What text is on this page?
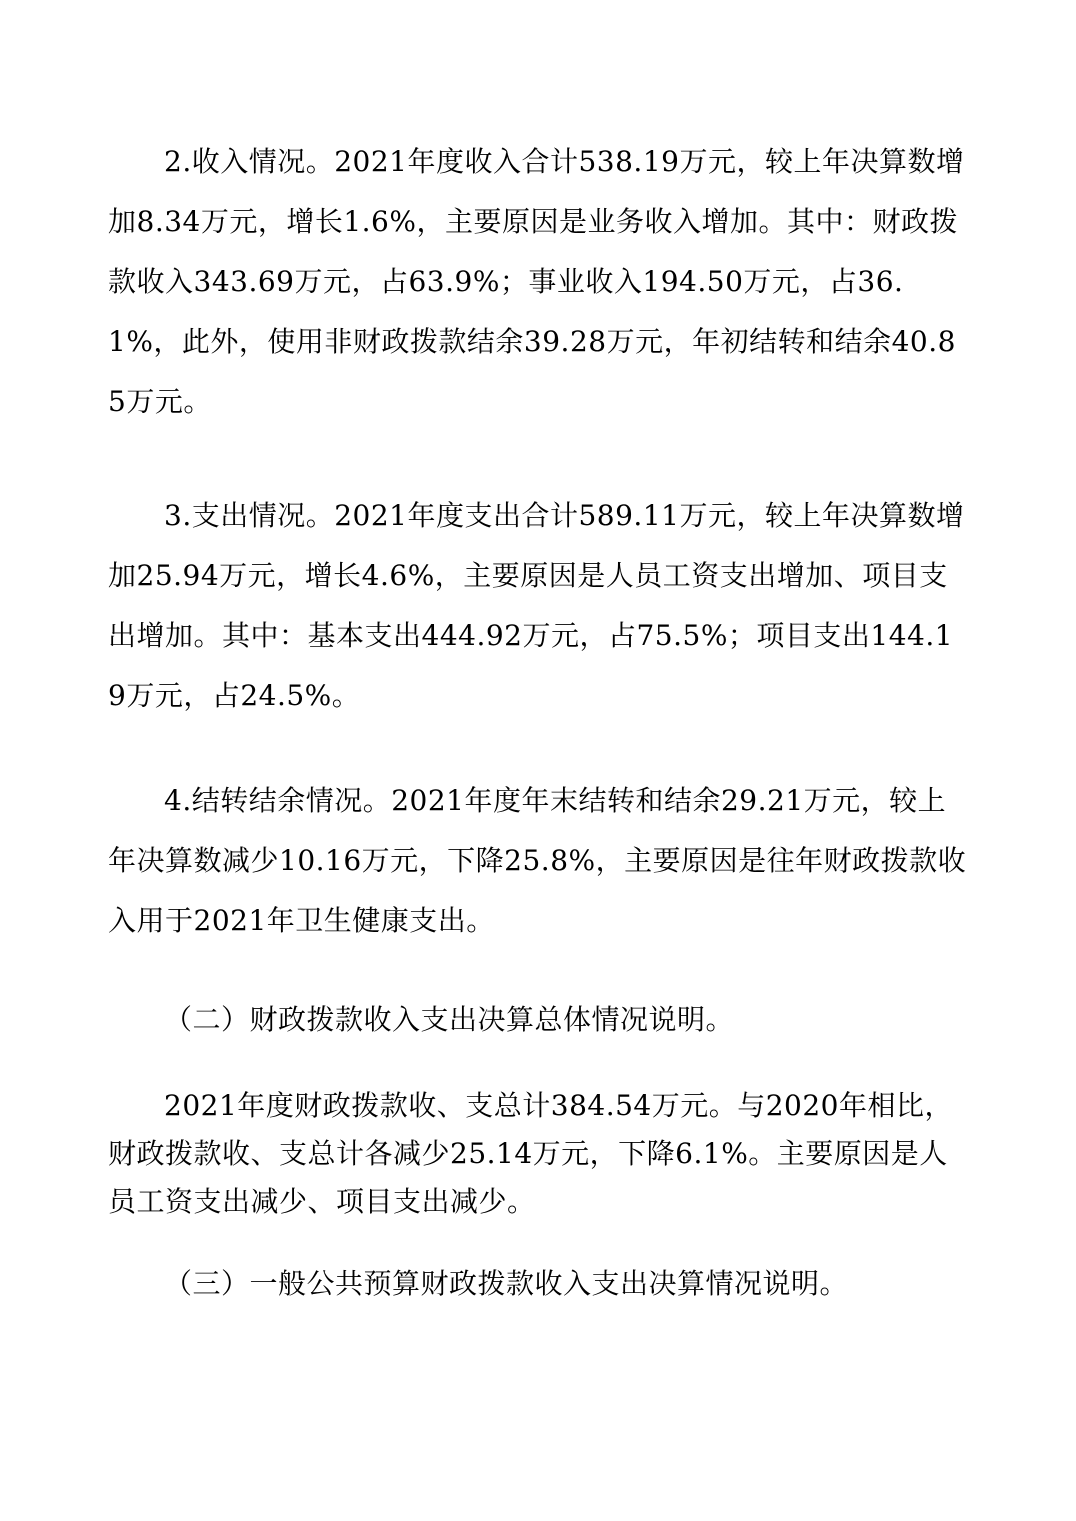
2.收入情况。2021年度收入合计538.19万元，较上年决算数增加8.34万元，增长1.6%，主要原因是业务收入增加。其中：财政拨款收入343.69万元，占63.9%；事业收入194.50万元，占36.1%，此外，使用非财政拨款结余39.28万元，年初结转和结余40.85万元。

3.支出情况。2021年度支出合计589.11万元，较上年决算数增加25.94万元，增长4.6%，主要原因是人员工资支出增加、项目支出增加。其中：基本支出444.92万元，占75.5%；项目支出144.19万元，占24.5%。

4.结转结余情况。2021年度年末结转和结余29.21万元，较上年决算数减少10.16万元，下降25.8%，主要原因是往年财政拨款收入用于2021年卫生健康支出。

（二）财政拨款收入支出决算总体情况说明。

2021年度财政拨款收、支总计384.54万元。与2020年相比，财政拨款收、支总计各减少25.14万元，下降6.1%。主要原因是人员工资支出减少、项目支出减少。

（三）一般公共预算财政拨款收入支出决算情况说明。
